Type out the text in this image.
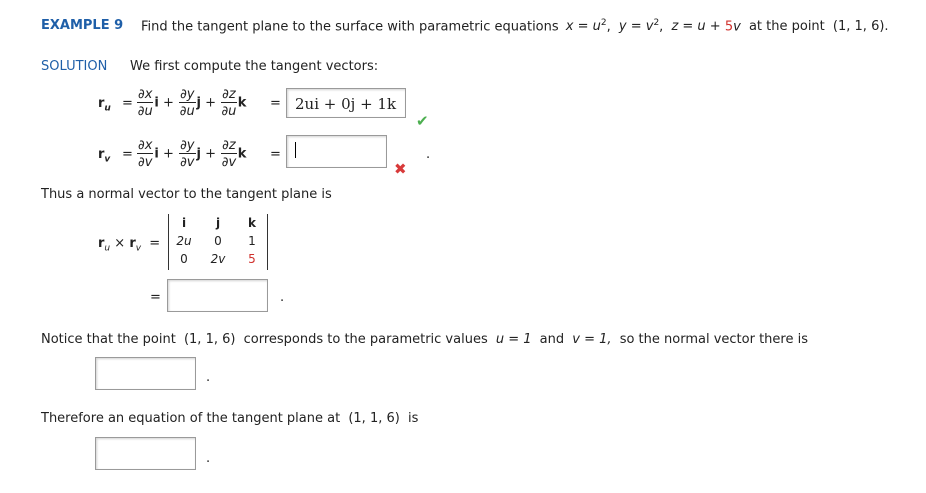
EXAMPLE 9 Find the tangent plane to the surface with parametric equations $x = u^2$, $y = v^2$, z = u + 5v at the point (1, 1, 6).
SOLUTION We first compute the tangent vectors:
$r_u = \frac{\partial x}{\partial u}$ $i + \frac{\partial y}{\partial u}$ $j + \frac{\partial z}{\partial u}$ k = 2ui + 0j + 1k
✔
$r_v = \frac{\partial x}{\partial v}$ $i + \frac{\partial y}{\partial v}$ $j + \frac{\partial z}{\partial v}$ k =
✖
.
Thus a normal vector to the tangent plane is
$r_u \times r_v$ =
i	j	k
2u	0	1
0	2v	5
=	.
Notice that the point (1, 1, 6) corresponds to the parametric values u = 1 and v = 1, so the normal vector there is
.
Therefore an equation of the tangent plane at (1, 1, 6) is
.
